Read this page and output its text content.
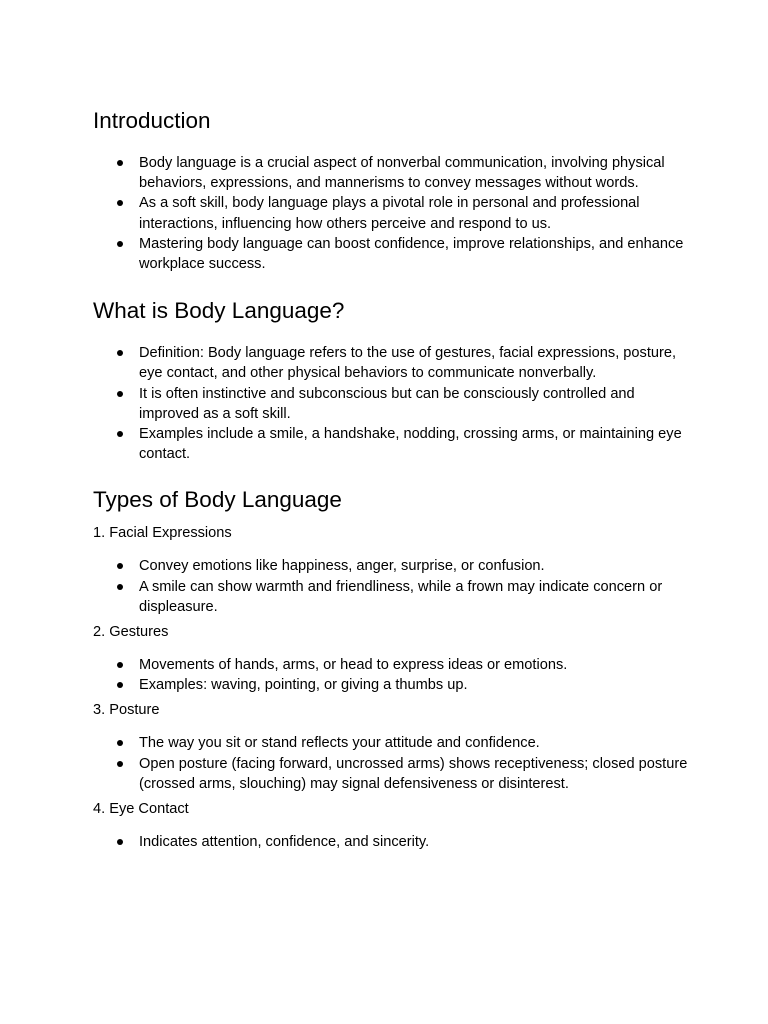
Introduction
Body language is a crucial aspect of nonverbal communication, involving physical behaviors, expressions, and mannerisms to convey messages without words.
As a soft skill, body language plays a pivotal role in personal and professional interactions, influencing how others perceive and respond to us.
Mastering body language can boost confidence, improve relationships, and enhance workplace success.
What is Body Language?
Definition: Body language refers to the use of gestures, facial expressions, posture, eye contact, and other physical behaviors to communicate nonverbally.
It is often instinctive and subconscious but can be consciously controlled and improved as a soft skill.
Examples include a smile, a handshake, nodding, crossing arms, or maintaining eye contact.
Types of Body Language

1. Facial Expressions

Convey emotions like happiness, anger, surprise, or confusion.
A smile can show warmth and friendliness, while a frown may indicate concern or displeasure.

2. Gestures

Movements of hands, arms, or head to express ideas or emotions.
Examples: waving, pointing, or giving a thumbs up.

3. Posture

The way you sit or stand reflects your attitude and confidence.
Open posture (facing forward, uncrossed arms) shows receptiveness; closed posture (crossed arms, slouching) may signal defensiveness or disinterest.

4. Eye Contact

Indicates attention, confidence, and sincerity.
